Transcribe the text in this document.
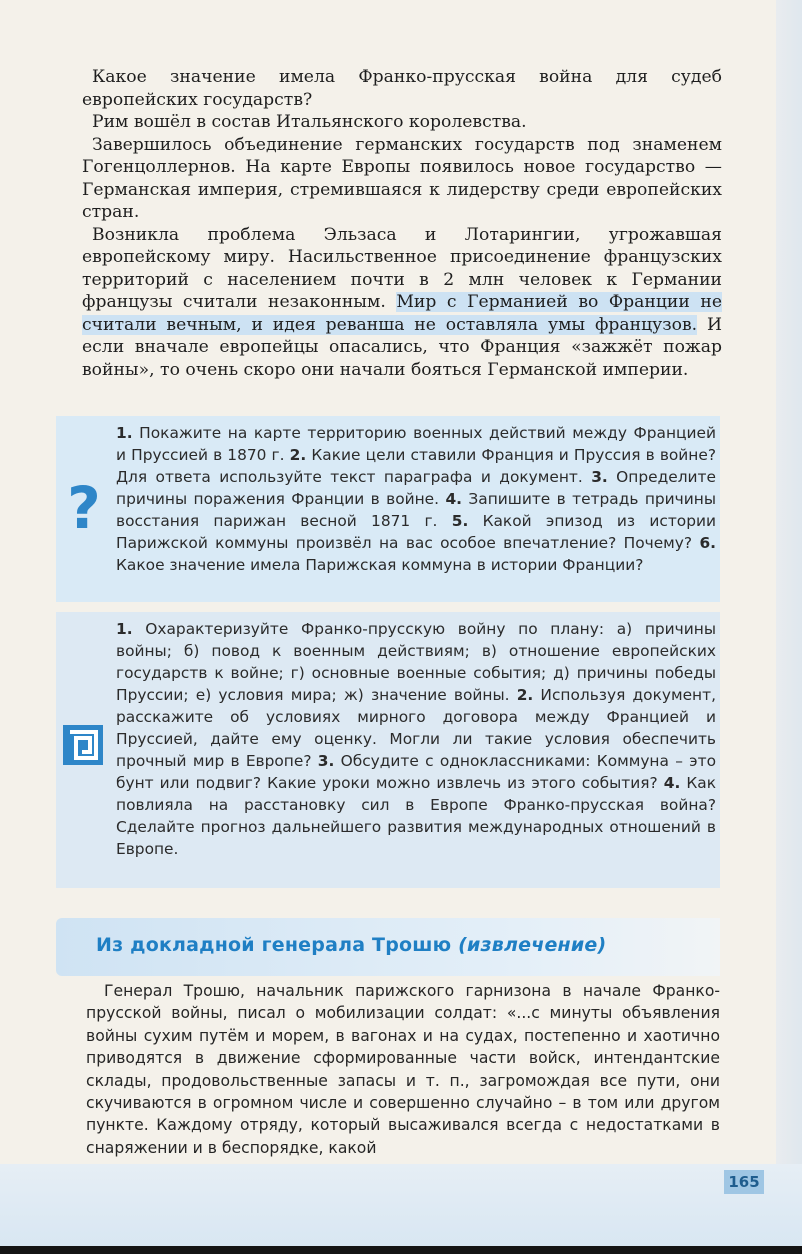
Какое значение имела Франко-прусская война для судеб европейских государств?

Рим вошёл в состав Итальянского королевства.

Завершилось объединение германских государств под знаменем Гогенцоллернов. На карте Европы появилось новое государство — Германская империя, стремившаяся к лидерству среди европейских стран.

Возникла проблема Эльзаса и Лотарингии, угрожавшая европейскому миру. Насильственное присоединение французских территорий с населением почти в 2 млн человек к Германии французы считали незаконным. Мир с Германией во Франции не считали вечным, и идея реванша не оставляла умы французов. И если вначале европейцы опасались, что Франция «зажжёт пожар войны», то очень скоро они начали бояться Германской империи.

?
1. Покажите на карте территорию военных действий между Францией и Пруссией в 1870 г. 2. Какие цели ставили Франция и Пруссия в войне? Для ответа используйте текст параграфа и документ. 3. Определите причины поражения Франции в войне. 4. Запишите в тетрадь причины восстания парижан весной 1871 г. 5. Какой эпизод из истории Парижской коммуны произвёл на вас особое впечатление? Почему? 6. Какое значение имела Парижская коммуна в истории Франции?
1. Охарактеризуйте Франко-прусскую войну по плану: а) причины войны; б) повод к военным действиям; в) отношение европейских государств к войне; г) основные военные события; д) причины победы Пруссии; е) условия мира; ж) значение войны. 2. Используя документ, расскажите об условиях мирного договора между Францией и Пруссией, дайте ему оценку. Могли ли такие условия обеспечить прочный мир в Европе? 3. Обсудите с одноклассниками: Коммуна – это бунт или подвиг? Какие уроки можно извлечь из этого события? 4. Как повлияла на расстановку сил в Европе Франко-прусская война? Сделайте прогноз дальнейшего развития международных отношений в Европе.
Из докладной генерала Трошю (извлечение)

Генерал Трошю, начальник парижского гарнизона в начале Франко-прусской войны, писал о мобилизации солдат: «...с минуты объявления войны сухим путём и морем, в вагонах и на судах, постепенно и хаотично приводятся в движение сформированные части войск, интендантские склады, продовольственные запасы и т. п., загромождая все пути, они скучиваются в огромном числе и совершенно случайно – в том или другом пункте. Каждому отряду, который высаживался всегда с недостатками в снаряжении и в беспорядке, какой

165
